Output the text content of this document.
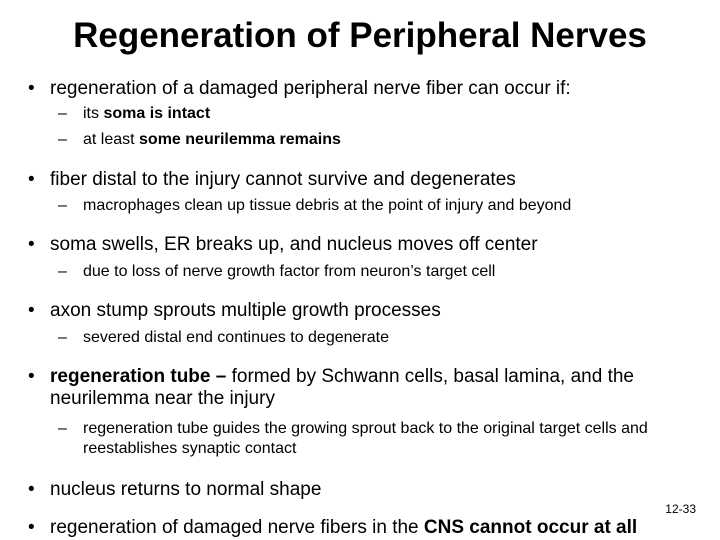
Regeneration of Peripheral Nerves
• regeneration of a damaged peripheral nerve fiber can occur if:
– its soma is intact
– at least some neurilemma remains
• fiber distal to the injury cannot survive and degenerates
– macrophages clean up tissue debris at the point of injury and beyond
• soma swells, ER breaks up, and nucleus moves off center
– due to loss of nerve growth factor from neuron’s target cell
• axon stump sprouts multiple growth processes
– severed distal end continues to degenerate
• regeneration tube – formed by Schwann cells, basal lamina, and the neurilemma near the injury
– regeneration tube guides the growing sprout back to the original target cells and reestablishes synaptic contact
• nucleus returns to normal shape
12-33
• regeneration of damaged nerve fibers in the CNS cannot occur at all
